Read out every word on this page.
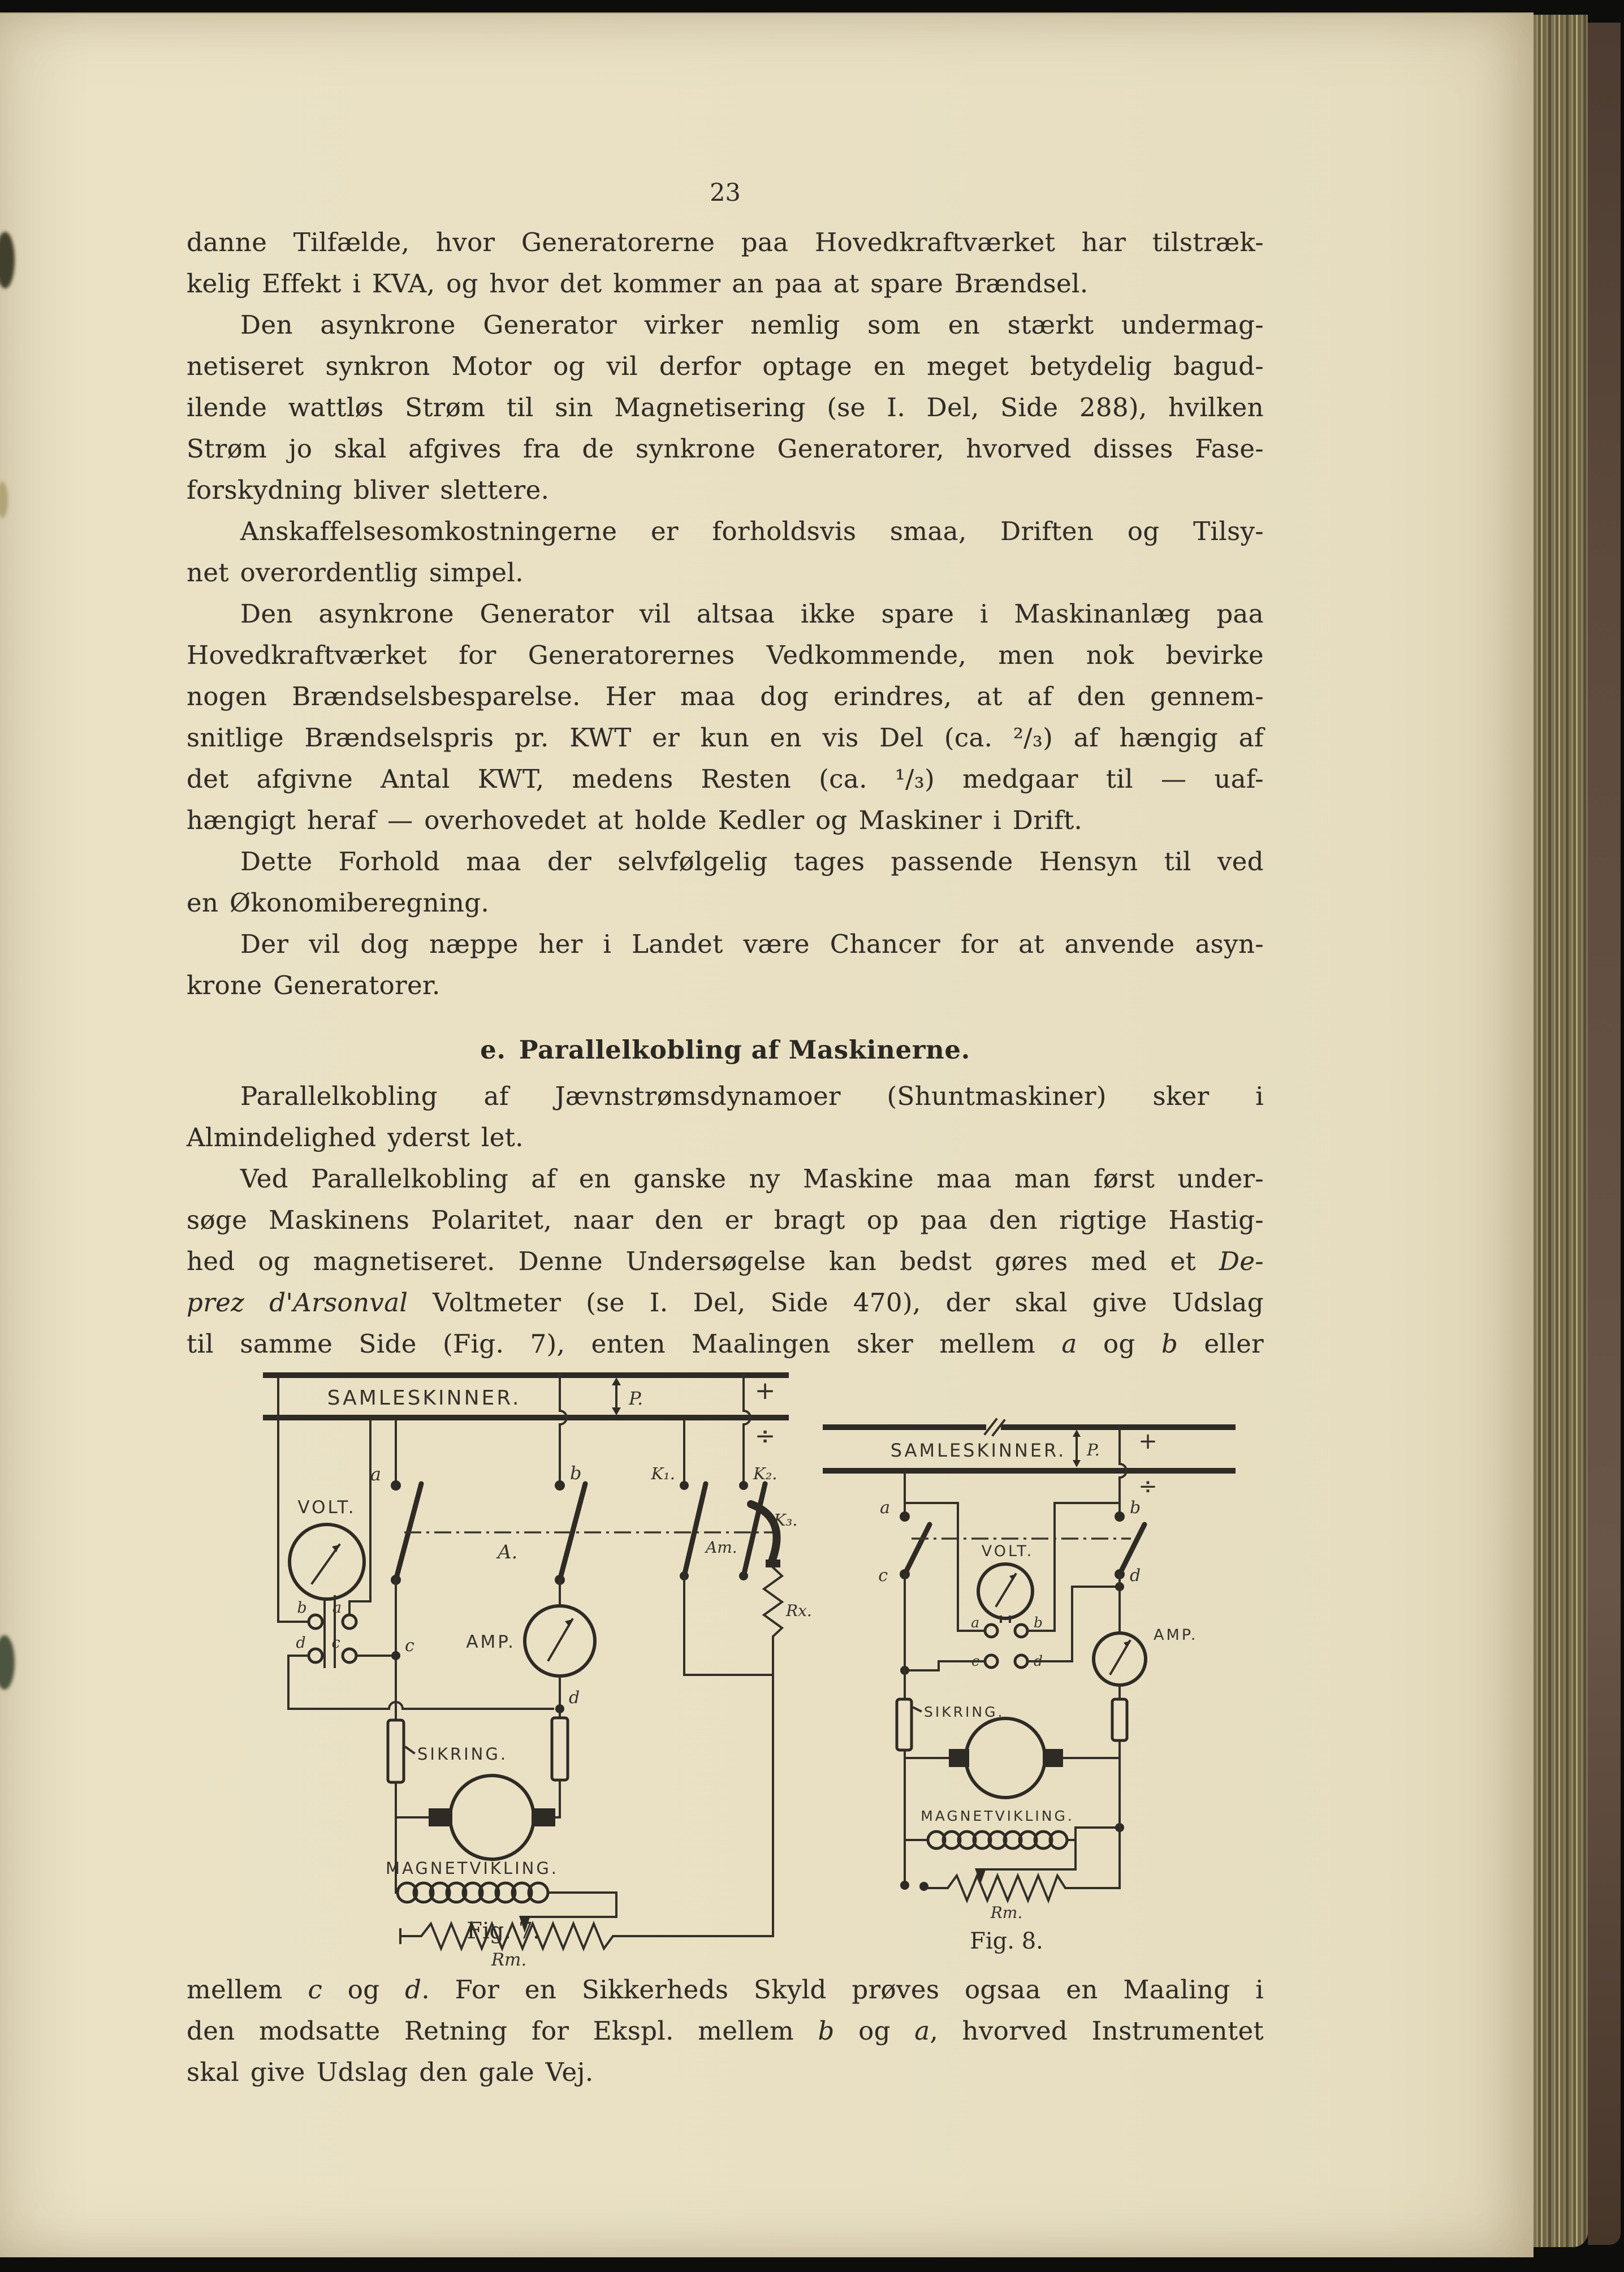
23
danne Tilfælde, hvor Generatorerne paa Hovedkraftværket har tilstræk-
kelig Effekt i KVA, og hvor det kommer an paa at spare Brændsel.
Den asynkrone Generator virker nemlig som en stærkt undermag-
netiseret synkron Motor og vil derfor optage en meget betydelig bagud-
ilende wattløs Strøm til sin Magnetisering (se I. Del, Side 288), hvilken
Strøm jo skal afgives fra de synkrone Generatorer, hvorved disses Fase-
forskydning bliver slettere.
Anskaffelsesomkostningerne er forholdsvis smaa, Driften og Tilsy-
net overordentlig simpel.
Den asynkrone Generator vil altsaa ikke spare i Maskinanlæg paa
Hovedkraftværket for Generatorernes Vedkommende, men nok bevirke
nogen Brændselsbesparelse. Her maa dog erindres, at af den gennem-
snitlige Brændselspris pr. KWT er kun en vis Del (ca. ²/₃) af hængig af
det afgivne Antal KWT, medens Resten (ca. ¹/₃) medgaar til — uaf-
hængigt heraf — overhovedet at holde Kedler og Maskiner i Drift.
Dette Forhold maa der selvfølgelig tages passende Hensyn til ved
en Økonomiberegning.
Der vil dog næppe her i Landet være Chancer for at anvende asyn-
krone Generatorer.
e. Parallelkobling af Maskinerne.
Parallelkobling af Jævnstrømsdynamoer (Shuntmaskiner) sker i
Almindelighed yderst let.
Ved Parallelkobling af en ganske ny Maskine maa man først under-
søge Maskinens Polaritet, naar den er bragt op paa den rigtige Hastig-
hed og magnetiseret. Denne Undersøgelse kan bedst gøres med et De-
prez d'Arsonval Voltmeter (se I. Del, Side 470), der skal give Udslag
til samme Side (Fig. 7), enten Maalingen sker mellem a og b eller
SAMLESKINNER.	P.	+
÷
b a
d c
VOLT.
a
c
SIKRING.
b
AMP.
d
A.
K₁.
Am.
K₂.
K₃.
Rx.
MAGNETVIKLING.
Rm.
SAMLESKINNER. P. +
÷
a
c
b
d
VOLT.
a	b
c	d
SIKRING.
AMP.
MAGNETVIKLING.
Rm.
Fig. 7.	Fig. 8.
mellem c og d. For en Sikkerheds Skyld prøves ogsaa en Maaling i
den modsatte Retning for Ekspl. mellem b og a, hvorved Instrumentet
skal give Udslag den gale Vej.
